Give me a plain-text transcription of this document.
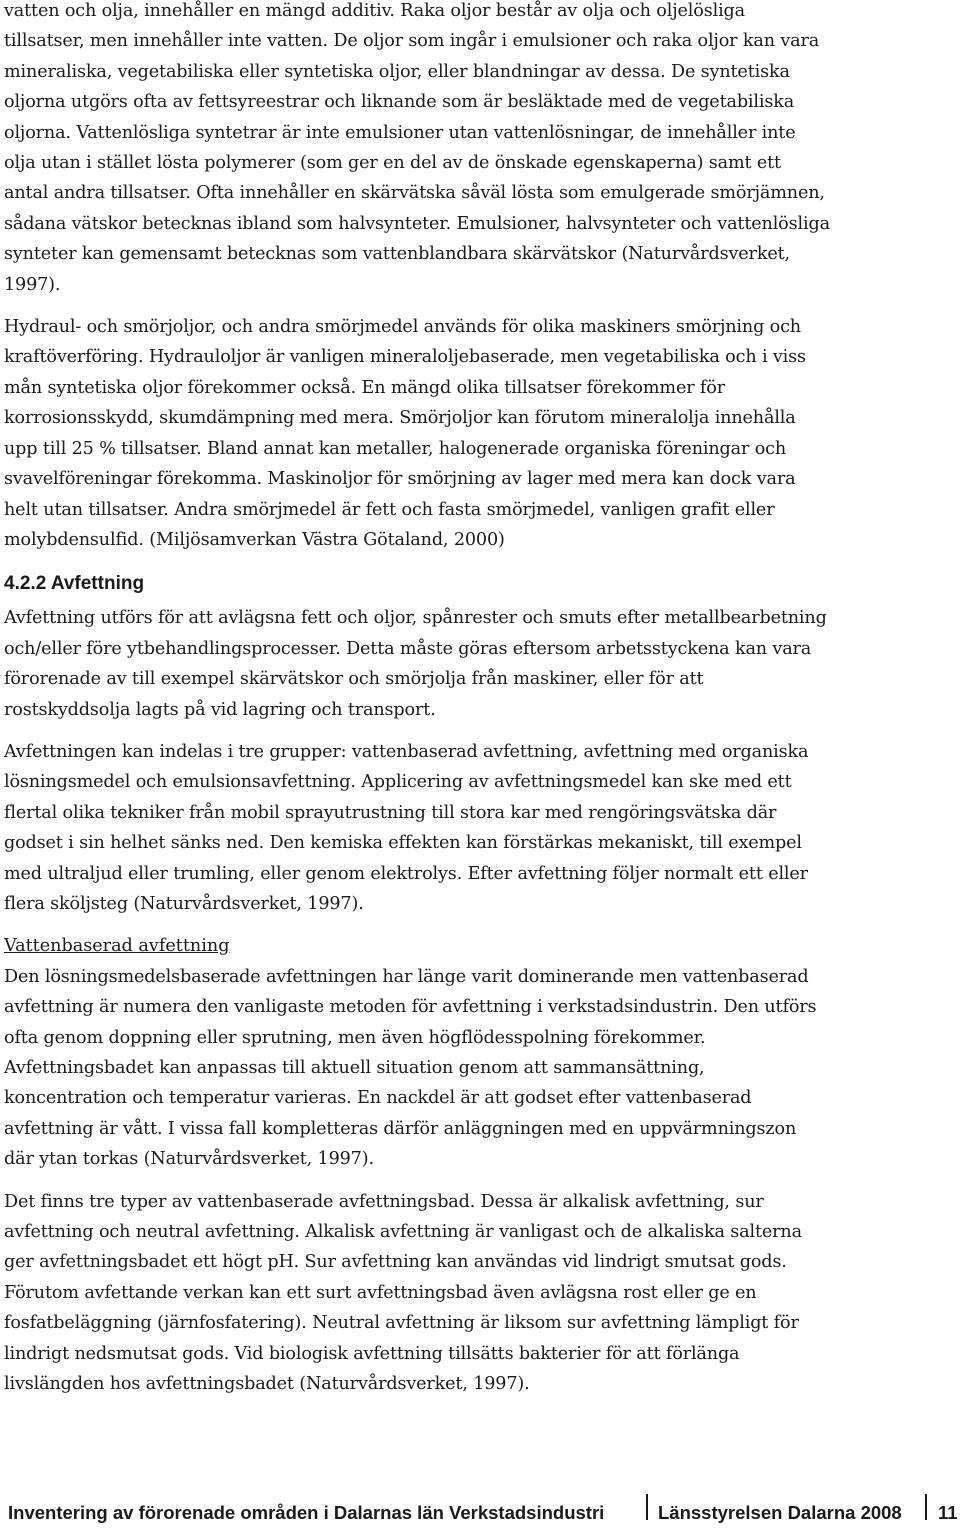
vatten och olja, innehåller en mängd additiv. Raka oljor består av olja och oljelösliga tillsatser, men innehåller inte vatten. De oljor som ingår i emulsioner och raka oljor kan vara mineraliska, vegetabiliska eller syntetiska oljor, eller blandningar av dessa. De syntetiska oljorna utgörs ofta av fettsyreestrar och liknande som är besläktade med de vegetabiliska oljorna. Vattenlösliga syntetrar är inte emulsioner utan vattenlösningar, de innehåller inte olja utan i stället lösta polymerer (som ger en del av de önskade egenskaperna) samt ett antal andra tillsatser. Ofta innehåller en skärvätska såväl lösta som emulgerade smörjämnen, sådana vätskor betecknas ibland som halvsynteter. Emulsioner, halvsynteter och vattenlösliga synteter kan gemensamt betecknas som vattenblandbara skärvätskor (Naturvårdsverket, 1997).

Hydraul- och smörjoljor, och andra smörjmedel används för olika maskiners smörjning och kraftöverföring. Hydrauloljor är vanligen mineraloljebaserade, men vegetabiliska och i viss mån syntetiska oljor förekommer också. En mängd olika tillsatser förekommer för korrosionsskydd, skumdämpning med mera. Smörjoljor kan förutom mineralolja innehålla upp till 25 % tillsatser. Bland annat kan metaller, halogenerade organiska föreningar och svavelföreningar förekomma. Maskinoljor för smörjning av lager med mera kan dock vara helt utan tillsatser. Andra smörjmedel är fett och fasta smörjmedel, vanligen grafit eller molybdensulfid. (Miljösamverkan Västra Götaland, 2000)

4.2.2 Avfettning

Avfettning utförs för att avlägsna fett och oljor, spånrester och smuts efter metallbearbetning och/eller före ytbehandlingsprocesser. Detta måste göras eftersom arbetsstyckena kan vara förorenade av till exempel skärvätskor och smörjolja från maskiner, eller för att rostskyddsolja lagts på vid lagring och transport.

Avfettningen kan indelas i tre grupper: vattenbaserad avfettning, avfettning med organiska lösningsmedel och emulsionsavfettning. Applicering av avfettningsmedel kan ske med ett flertal olika tekniker från mobil sprayutrustning till stora kar med rengöringsvätska där godset i sin helhet sänks ned. Den kemiska effekten kan förstärkas mekaniskt, till exempel med ultraljud eller trumling, eller genom elektrolys. Efter avfettning följer normalt ett eller flera sköljsteg (Naturvårdsverket, 1997).

Vattenbaserad avfettning

Den lösningsmedelsbaserade avfettningen har länge varit dominerande men vattenbaserad avfettning är numera den vanligaste metoden för avfettning i verkstadsindustrin. Den utförs ofta genom doppning eller sprutning, men även högflödesspolning förekommer. Avfettningsbadet kan anpassas till aktuell situation genom att sammansättning, koncentration och temperatur varieras. En nackdel är att godset efter vattenbaserad avfettning är vått. I vissa fall kompletteras därför anläggningen med en uppvärmningszon där ytan torkas (Naturvårdsverket, 1997).

Det finns tre typer av vattenbaserade avfettningsbad. Dessa är alkalisk avfettning, sur avfettning och neutral avfettning. Alkalisk avfettning är vanligast och de alkaliska salterna ger avfettningsbadet ett högt pH. Sur avfettning kan användas vid lindrigt smutsat gods. Förutom avfettande verkan kan ett surt avfettningsbad även avlägsna rost eller ge en fosfatbeläggning (järnfosfatering). Neutral avfettning är liksom sur avfettning lämpligt för lindrigt nedsmutsat gods. Vid biologisk avfettning tillsätts bakterier för att förlänga livslängden hos avfettningsbadet (Naturvårdsverket, 1997).

Inventering av förorenade områden i Dalarnas län Verkstadsindustri	Länsstyrelsen Dalarna 2008 11
